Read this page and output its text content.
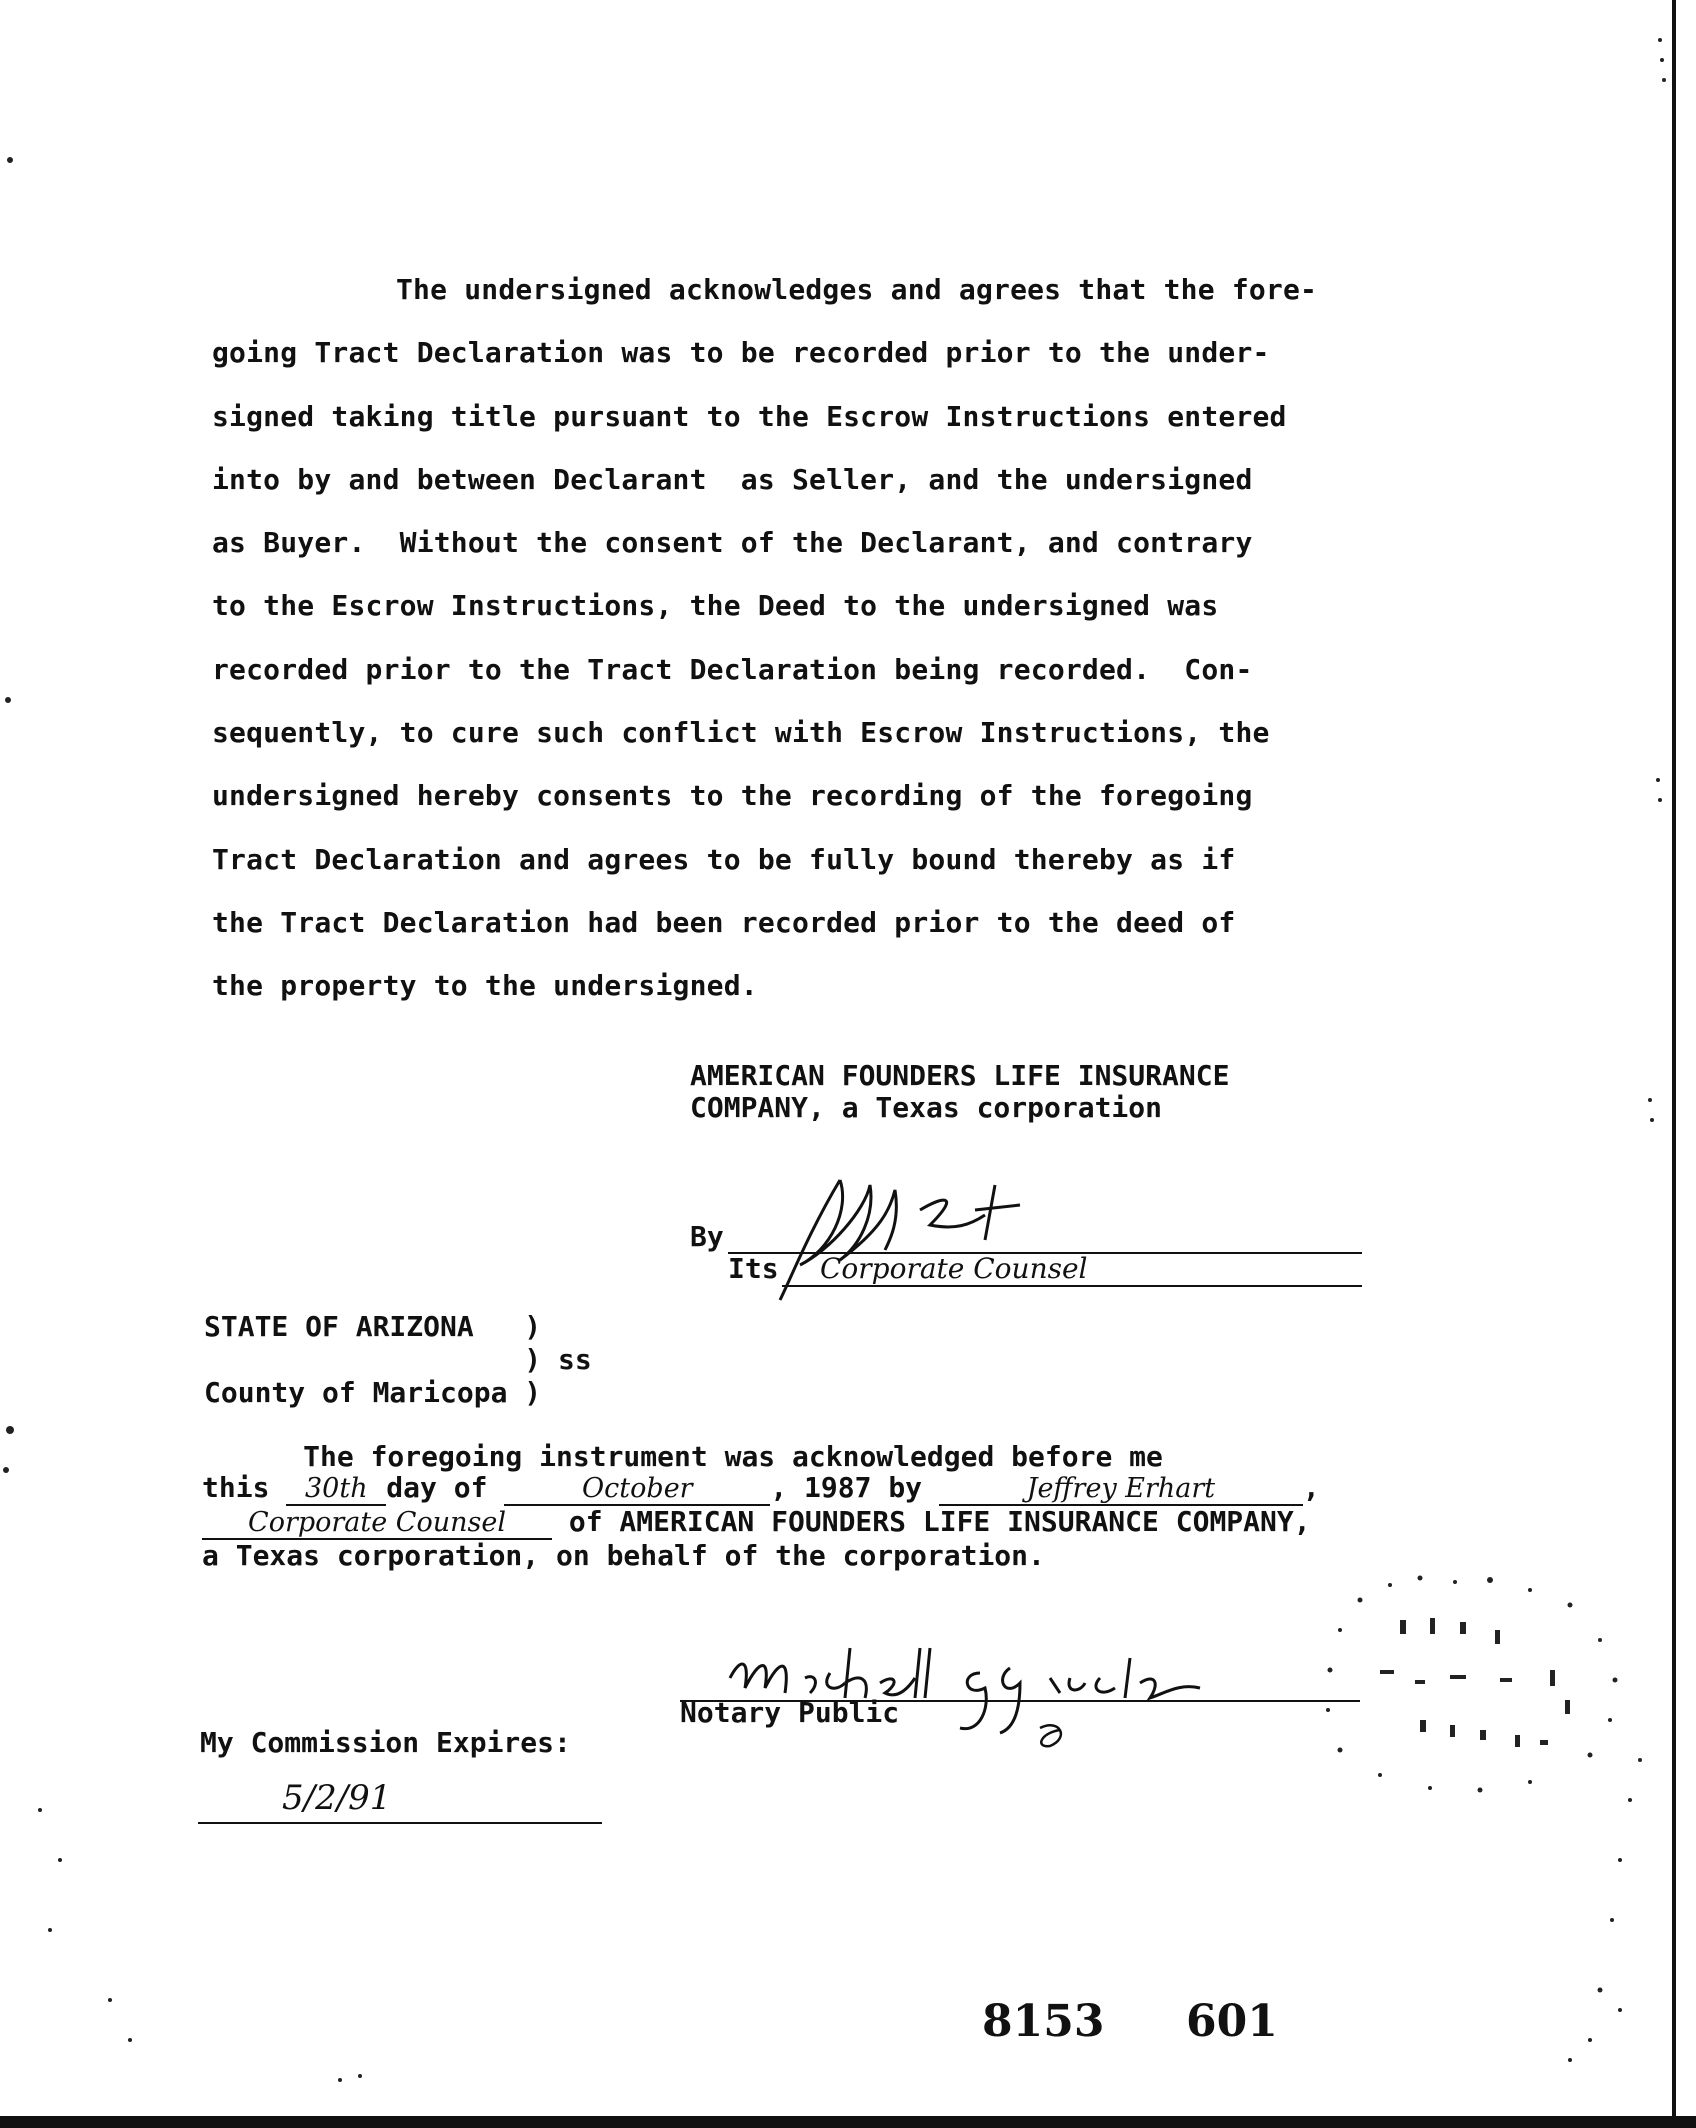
The undersigned acknowledges and agrees that the fore-
going Tract Declaration was to be recorded prior to the under-
signed taking title pursuant to the Escrow Instructions entered
into by and between Declarant  as Seller, and the undersigned
as Buyer.  Without the consent of the Declarant, and contrary
to the Escrow Instructions, the Deed to the undersigned was
recorded prior to the Tract Declaration being recorded.  Con-
sequently, to cure such conflict with Escrow Instructions, the
undersigned hereby consents to the recording of the foregoing
Tract Declaration and agrees to be fully bound thereby as if
the Tract Declaration had been recorded prior to the deed of
the property to the undersigned.
AMERICAN FOUNDERS LIFE INSURANCE
COMPANY, a Texas corporation
By
Its Corporate Counsel
STATE OF ARIZONA   )
) ss
County of Maricopa )
The foregoing instrument was acknowledged before me
this 30th day of	October	, 1987 by	Jeffrey Erhart	,
Corporate Counsel of AMERICAN FOUNDERS LIFE INSURANCE COMPANY,
a Texas corporation, on behalf of the corporation.
Notary Public
My Commission Expires:
5/2/91
8153 601
